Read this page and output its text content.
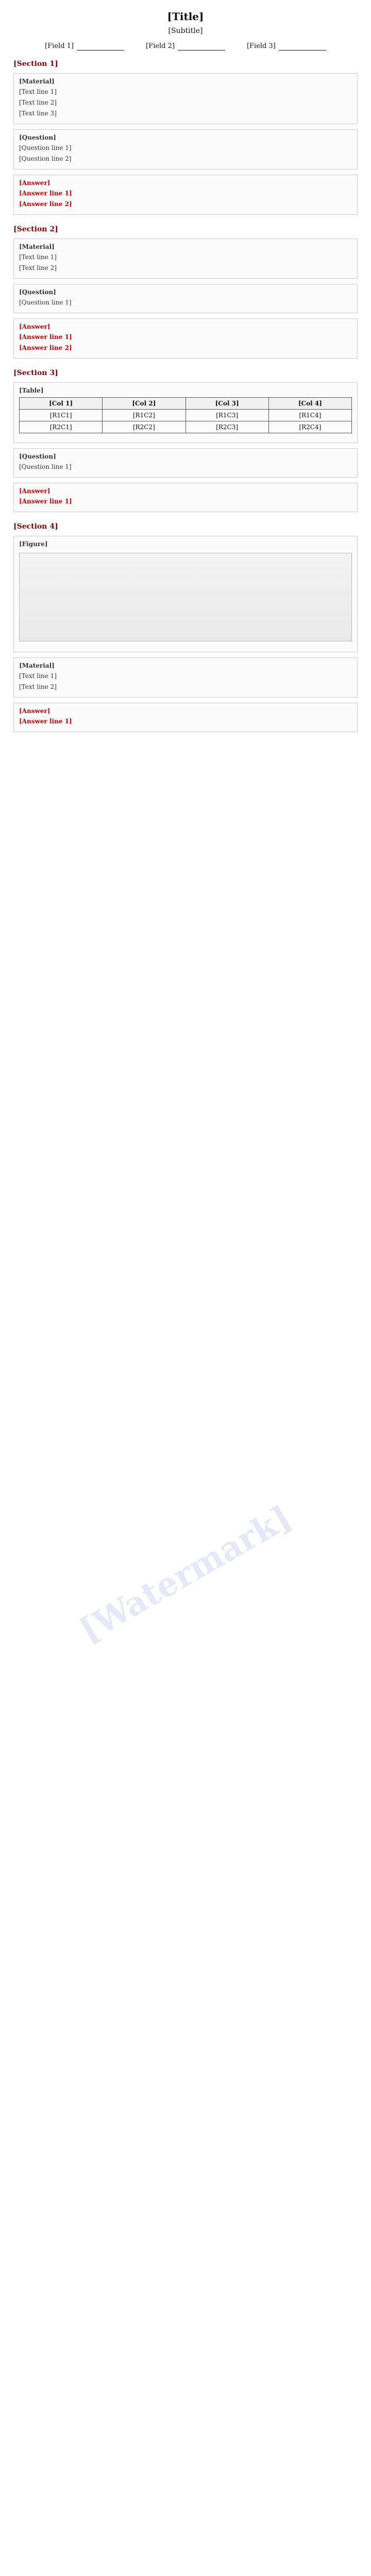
[Watermark]
[Title]
[Subtitle]
[Field 1]	[Field 2]	[Field 3]
[Section 1]
[Material]
[Text line 1]
[Text line 2]
[Text line 3]
[Question]
[Question line 1]
[Question line 2]
[Answer]
[Answer line 1]
[Answer line 2]
[Section 2]
[Material]
[Text line 1]
[Text line 2]
[Question]
[Question line 1]
[Answer]
[Answer line 1]
[Answer line 2]
[Section 3]
[Table]
[Col 1]	[Col 2]	[Col 3]	[Col 4]
[R1C1]	[R1C2]	[R1C3]	[R1C4]
[R2C1]	[R2C2]	[R2C3]	[R2C4]
[Question]
[Question line 1]
[Answer]
[Answer line 1]
[Section 4]
[Figure]
[Material]
[Text line 1]
[Text line 2]
[Answer]
[Answer line 1]
